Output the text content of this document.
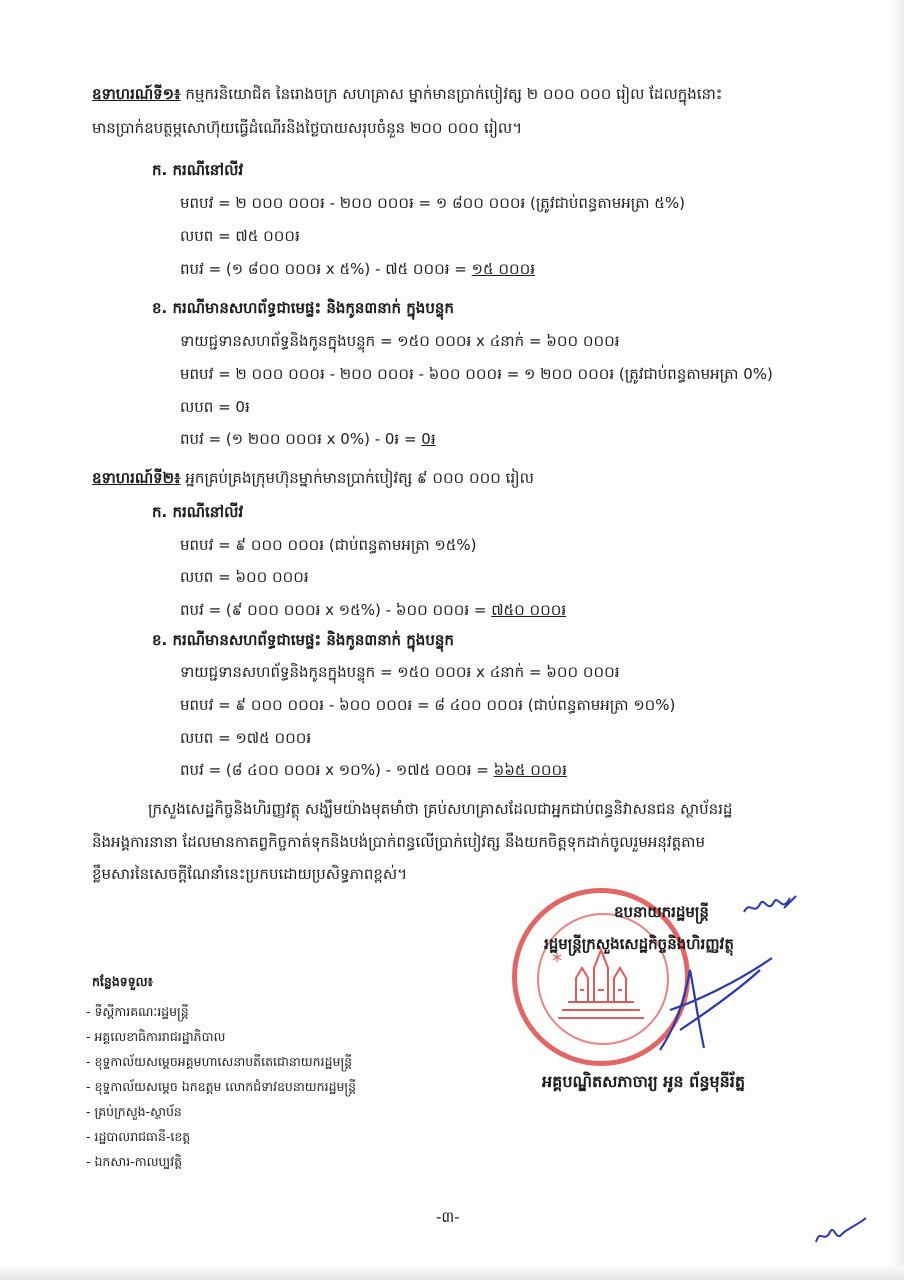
ឧទាហរណ៍ទី១៖ កម្មករនិយោជិត នៃរោងចក្រ សហគ្រាស ម្នាក់មានប្រាក់បៀវត្ស ២ ០០០ ០០០ រៀល ដែលក្នុងនោះ
មានប្រាក់ឧបត្ថម្ភសោហ៊ុយធ្វើដំណើរនិងថ្លៃបាយសរុបចំនួន ២០០ ០០០ រៀល។
ក. ករណីនៅលីវ
មពបវ = ២ ០០០ ០០០៛ - ២០០ ០០០៛ = ១ ៨០០ ០០០៛ (ត្រូវជាប់ពន្ធតាមអត្រា ៥%)
លបព = ៧៥ ០០០៛
ពបវ = (១ ៨០០ ០០០៛ x ៥%) - ៧៥ ០០០៛ = ១៥ ០០០៛
ខ. ករណីមានសហព័ទ្ធជាមេផ្ទះ និងកូន៣នាក់ ក្នុងបន្ទុក
ទាយជ្ជទានសហព័ទ្ធនិងកូនក្នុងបន្ទុក = ១៥០ ០០០៛ x ៤នាក់ = ៦០០ ០០០៛
មពបវ = ២ ០០០ ០០០៛ - ២០០ ០០០៛ - ៦០០ ០០០៛ = ១ ២០០ ០០០៛ (ត្រូវជាប់ពន្ធតាមអត្រា 0%)
លបព = 0៛
ពបវ = (១ ២០០ ០០០៛ x 0%) - 0៛ = 0៛
ឧទាហរណ៍ទី២៖ អ្នកគ្រប់គ្រងក្រុមហ៊ុនម្នាក់មានប្រាក់បៀវត្ស ៩ ០០០ ០០០ រៀល
ក. ករណីនៅលីវ
មពបវ = ៩ ០០០ ០០០៛ (ជាប់ពន្ធតាមអត្រា ១៥%)
លបព = ៦០០ ០០០៛
ពបវ = (៩ ០០០ ០០០៛ x ១៥%) - ៦០០ ០០០៛ = ៧៥០ ០០០៛
ខ. ករណីមានសហព័ទ្ធជាមេផ្ទះ និងកូន៣នាក់ ក្នុងបន្ទុក
ទាយជ្ជទានសហព័ទ្ធនិងកូនក្នុងបន្ទុក = ១៥០ ០០០៛ x ៤នាក់ = ៦០០ ០០០៛
មពបវ = ៩ ០០០ ០០០៛ - ៦០០ ០០០៛ = ៨ ៤០០ ០០០៛ (ជាប់ពន្ធតាមអត្រា ១០%)
លបព = ១៧៥ ០០០៛
ពបវ = (៨ ៤០០ ០០០៛ x ១០%) - ១៧៥ ០០០៛ = ៦៦៥ ០០០៛
ក្រសួងសេដ្ឋកិច្ចនិងហិរញ្ញវត្ថុ សង្ឃឹមយ៉ាងមុតមាំថា គ្រប់សហគ្រាសដែលជាអ្នកជាប់ពន្ធនិវាសនជន ស្ថាប័នរដ្ឋ
និងអង្គការនានា ដែលមានកាតព្វកិច្ចកាត់ទុកនិងបង់ប្រាក់ពន្ធលើប្រាក់បៀវត្ស នឹងយកចិត្តទុកដាក់ចូលរួមអនុវត្តតាម
ខ្លឹមសារនៃសេចក្ដីណែនាំនេះប្រកបដោយប្រសិទ្ធភាពខ្ពស់។
*
ឧបនាយករដ្ឋមន្ត្រី
រដ្ឋមន្ត្រីក្រសួងសេដ្ឋកិច្ចនិងហិរញ្ញវត្ថុ
អគ្គបណ្ឌិតសភាចារ្យ អូន ព័ន្ធមុនីរ័ត្ន
កន្លែងទទួល៖
- ទីស្ដីការគណៈរដ្ឋមន្ត្រី
- អគ្គលេខាធិការរាជរដ្ឋាភិបាល
- ខុទ្ទកាល័យសម្ដេចអគ្គមហាសេនាបតីតេជោនាយករដ្ឋមន្ត្រី
- ខុទ្ទកាល័យសម្ដេច ឯកឧត្ដម លោកជំទាវឧបនាយករដ្ឋមន្ត្រី
- គ្រប់ក្រសួង-ស្ថាប័ន
- រដ្ឋបាលរាជធានី-ខេត្ត
- ឯកសារ-កាលប្បវត្តិ
-៣-
